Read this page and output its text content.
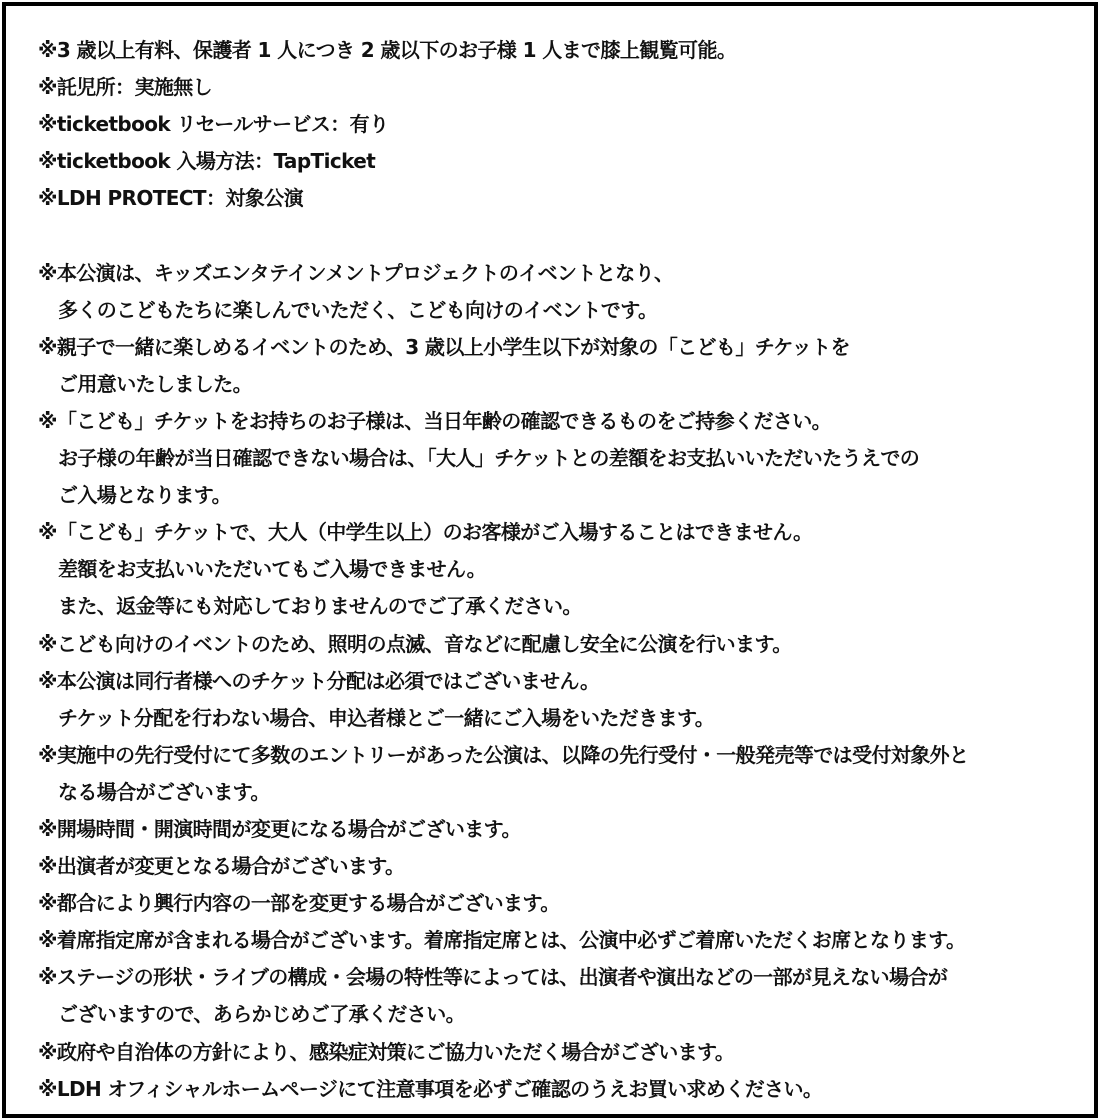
※3 歳以上有料、保護者 1 人につき 2 歳以下のお子様 1 人まで膝上観覧可能。
※託児所：実施無し
※ticketbook リセールサービス：有り
※ticketbook 入場方法：TapTicket
※LDH PROTECT：対象公演
※本公演は、キッズエンタテインメントプロジェクトのイベントとなり、
多くのこどもたちに楽しんでいただく、こども向けのイベントです。
※親子で一緒に楽しめるイベントのため、3 歳以上小学生以下が対象の「こども」チケットを
ご用意いたしました。
※「こども」チケットをお持ちのお子様は、当日年齢の確認できるものをご持参ください。
お子様の年齢が当日確認できない場合は、「大人」チケットとの差額をお支払いいただいたうえでの
ご入場となります。
※「こども」チケットで、大人（中学生以上）のお客様がご入場することはできません。
差額をお支払いいただいてもご入場できません。
また、返金等にも対応しておりませんのでご了承ください。
※こども向けのイベントのため、照明の点滅、音などに配慮し安全に公演を行います。
※本公演は同行者様へのチケット分配は必須ではございません。
チケット分配を行わない場合、申込者様とご一緒にご入場をいただきます。
※実施中の先行受付にて多数のエントリーがあった公演は、以降の先行受付・一般発売等では受付対象外と
なる場合がございます。
※開場時間・開演時間が変更になる場合がございます。
※出演者が変更となる場合がございます。
※都合により興行内容の一部を変更する場合がございます。
※着席指定席が含まれる場合がございます。着席指定席とは、公演中必ずご着席いただくお席となります。
※ステージの形状・ライブの構成・会場の特性等によっては、出演者や演出などの一部が見えない場合が
ございますので、あらかじめご了承ください。
※政府や自治体の方針により、感染症対策にご協力いただく場合がございます。
※LDH オフィシャルホームページにて注意事項を必ずご確認のうえお買い求めください。
